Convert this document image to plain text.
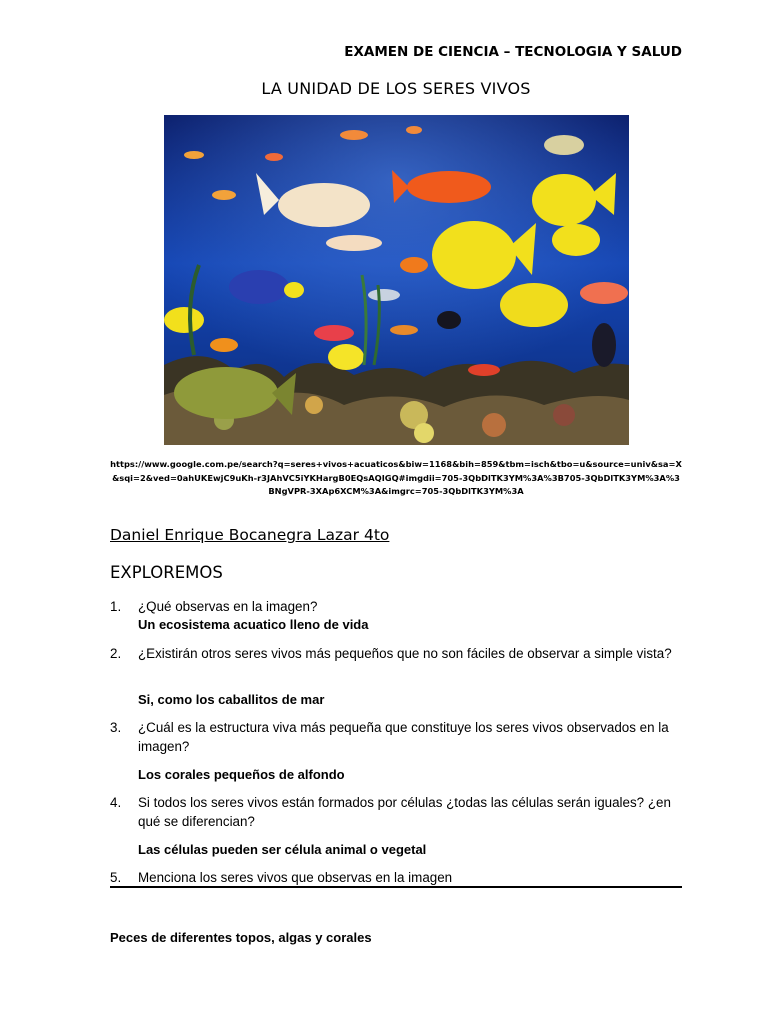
EXAMEN DE CIENCIA – TECNOLOGIA Y SALUD
LA UNIDAD DE LOS SERES VIVOS
https://www.google.com.pe/search?q=seres+vivos+acuaticos&biw=1168&bih=859&tbm=isch&tbo=u&source=univ&sa=X&sqi=2&ved=0ahUKEwjC9uKh-r3JAhVC5iYKHargB0EQsAQIGQ#imgdii=705-3QbDlTK3YM%3A%3B705-3QbDlTK3YM%3A%3BNgVPR-3XAp6XCM%3A&imgrc=705-3QbDlTK3YM%3A
Daniel Enrique Bocanegra Lazar 4to
EXPLOREMOS
1. ¿Qué observas en la imagen?
Un ecosistema acuatico lleno de vida
2. ¿Existirán otros seres vivos más pequeños que no son fáciles de observar a simple vista?
Si, como los caballitos de mar
3. ¿Cuál es la estructura viva más pequeña que constituye los seres vivos observados en la imagen?
Los corales pequeños de alfondo
4. Si todos los seres vivos están formados por células ¿todas las células serán iguales? ¿en qué se diferencian?
Las células pueden ser célula animal o vegetal
5. Menciona los seres vivos que observas en la imagen
Peces de diferentes topos, algas y corales
